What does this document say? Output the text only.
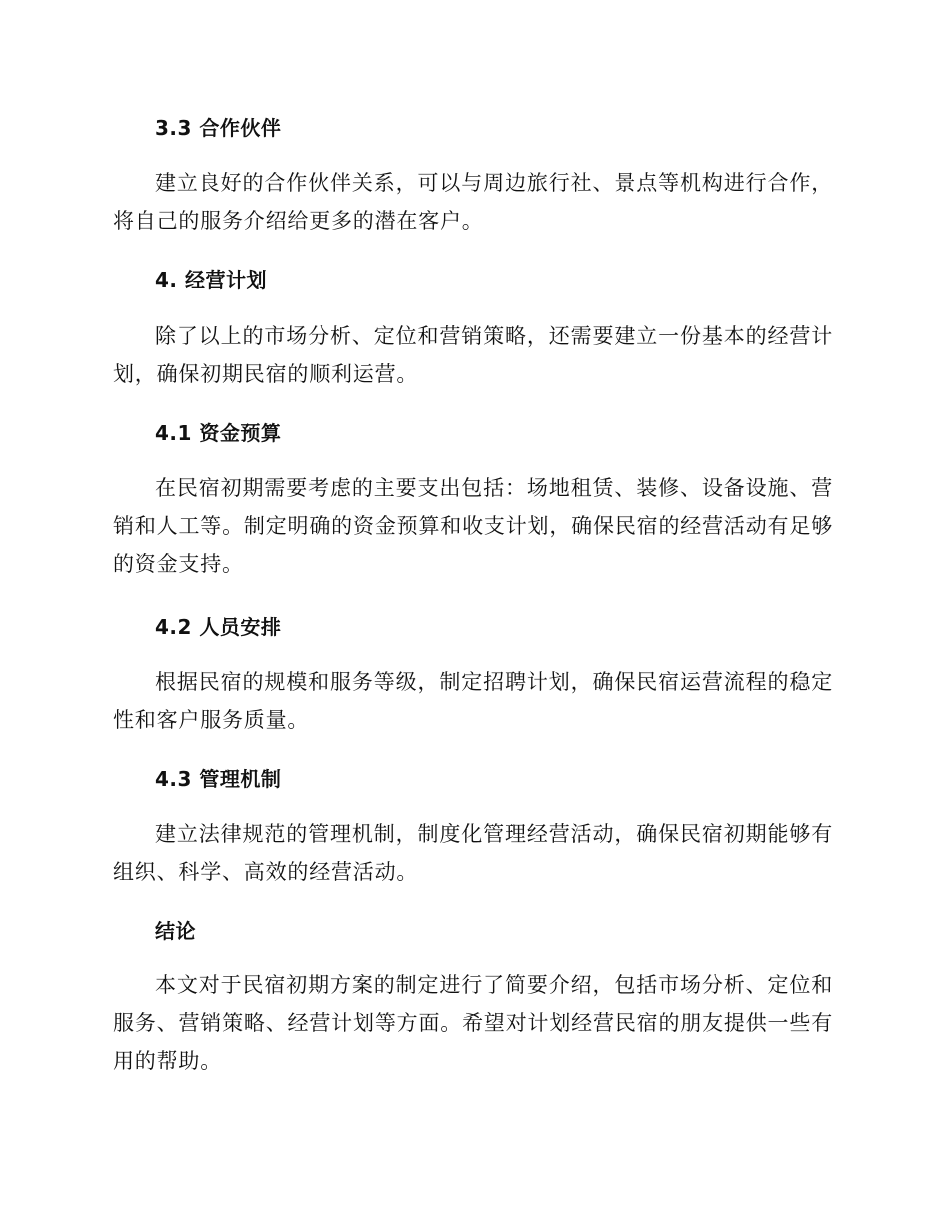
3.3 合作伙伴
建立良好的合作伙伴关系，可以与周边旅行社、景点等机构进行合作，将自己的服务介绍给更多的潜在客户。
4. 经营计划
除了以上的市场分析、定位和营销策略，还需要建立一份基本的经营计划，确保初期民宿的顺利运营。
4.1 资金预算
在民宿初期需要考虑的主要支出包括：场地租赁、装修、设备设施、营销和人工等。制定明确的资金预算和收支计划，确保民宿的经营活动有足够的资金支持。
4.2 人员安排
根据民宿的规模和服务等级，制定招聘计划，确保民宿运营流程的稳定性和客户服务质量。
4.3 管理机制
建立法律规范的管理机制，制度化管理经营活动，确保民宿初期能够有组织、科学、高效的经营活动。
结论
本文对于民宿初期方案的制定进行了简要介绍，包括市场分析、定位和服务、营销策略、经营计划等方面。希望对计划经营民宿的朋友提供一些有用的帮助。
